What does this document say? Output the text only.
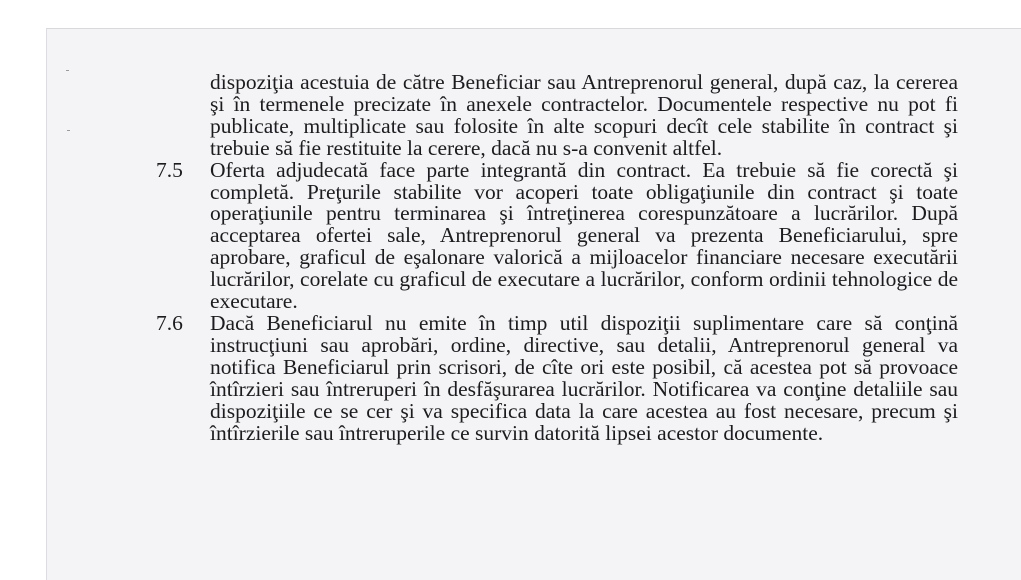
dispoziţia acestuia de către Beneficiar sau Antreprenorul general, după caz, la cererea şi în termenele precizate în anexele contractelor. Documentele respective nu pot fi publicate, multiplicate sau folosite în alte scopuri decît cele stabilite în contract şi trebuie să fie restituite la cerere, dacă nu s-a convenit altfel.

7.5	Oferta adjudecată face parte integrantă din contract. Ea trebuie să fie corectă şi completă. Preţurile stabilite vor acoperi toate obligaţiunile din contract şi toate operaţiunile pentru terminarea şi întreţinerea corespunzătoare a lucrărilor. După acceptarea ofertei sale, Antreprenorul general va prezenta Beneficiarului, spre aprobare, graficul de eşalonare valorică a mijloacelor financiare necesare executării lucrărilor, corelate cu graficul de executare a lucrărilor, conform ordinii tehnologice de executare.
7.6	Dacă Beneficiarul nu emite în timp util dispoziţii suplimentare care să conţină instrucţiuni sau aprobări, ordine, directive, sau detalii, Antreprenorul general va notifica Beneficiarul prin scrisori, de cîte ori este posibil, că acestea pot să provoace întîrzieri sau întreruperi în desfăşurarea lucrărilor. Notificarea va conţine detaliile sau dispoziţiile ce se cer şi va specifica data la care acestea au fost necesare, precum şi întîrzierile sau întreruperile ce survin datorită lipsei acestor documente.
